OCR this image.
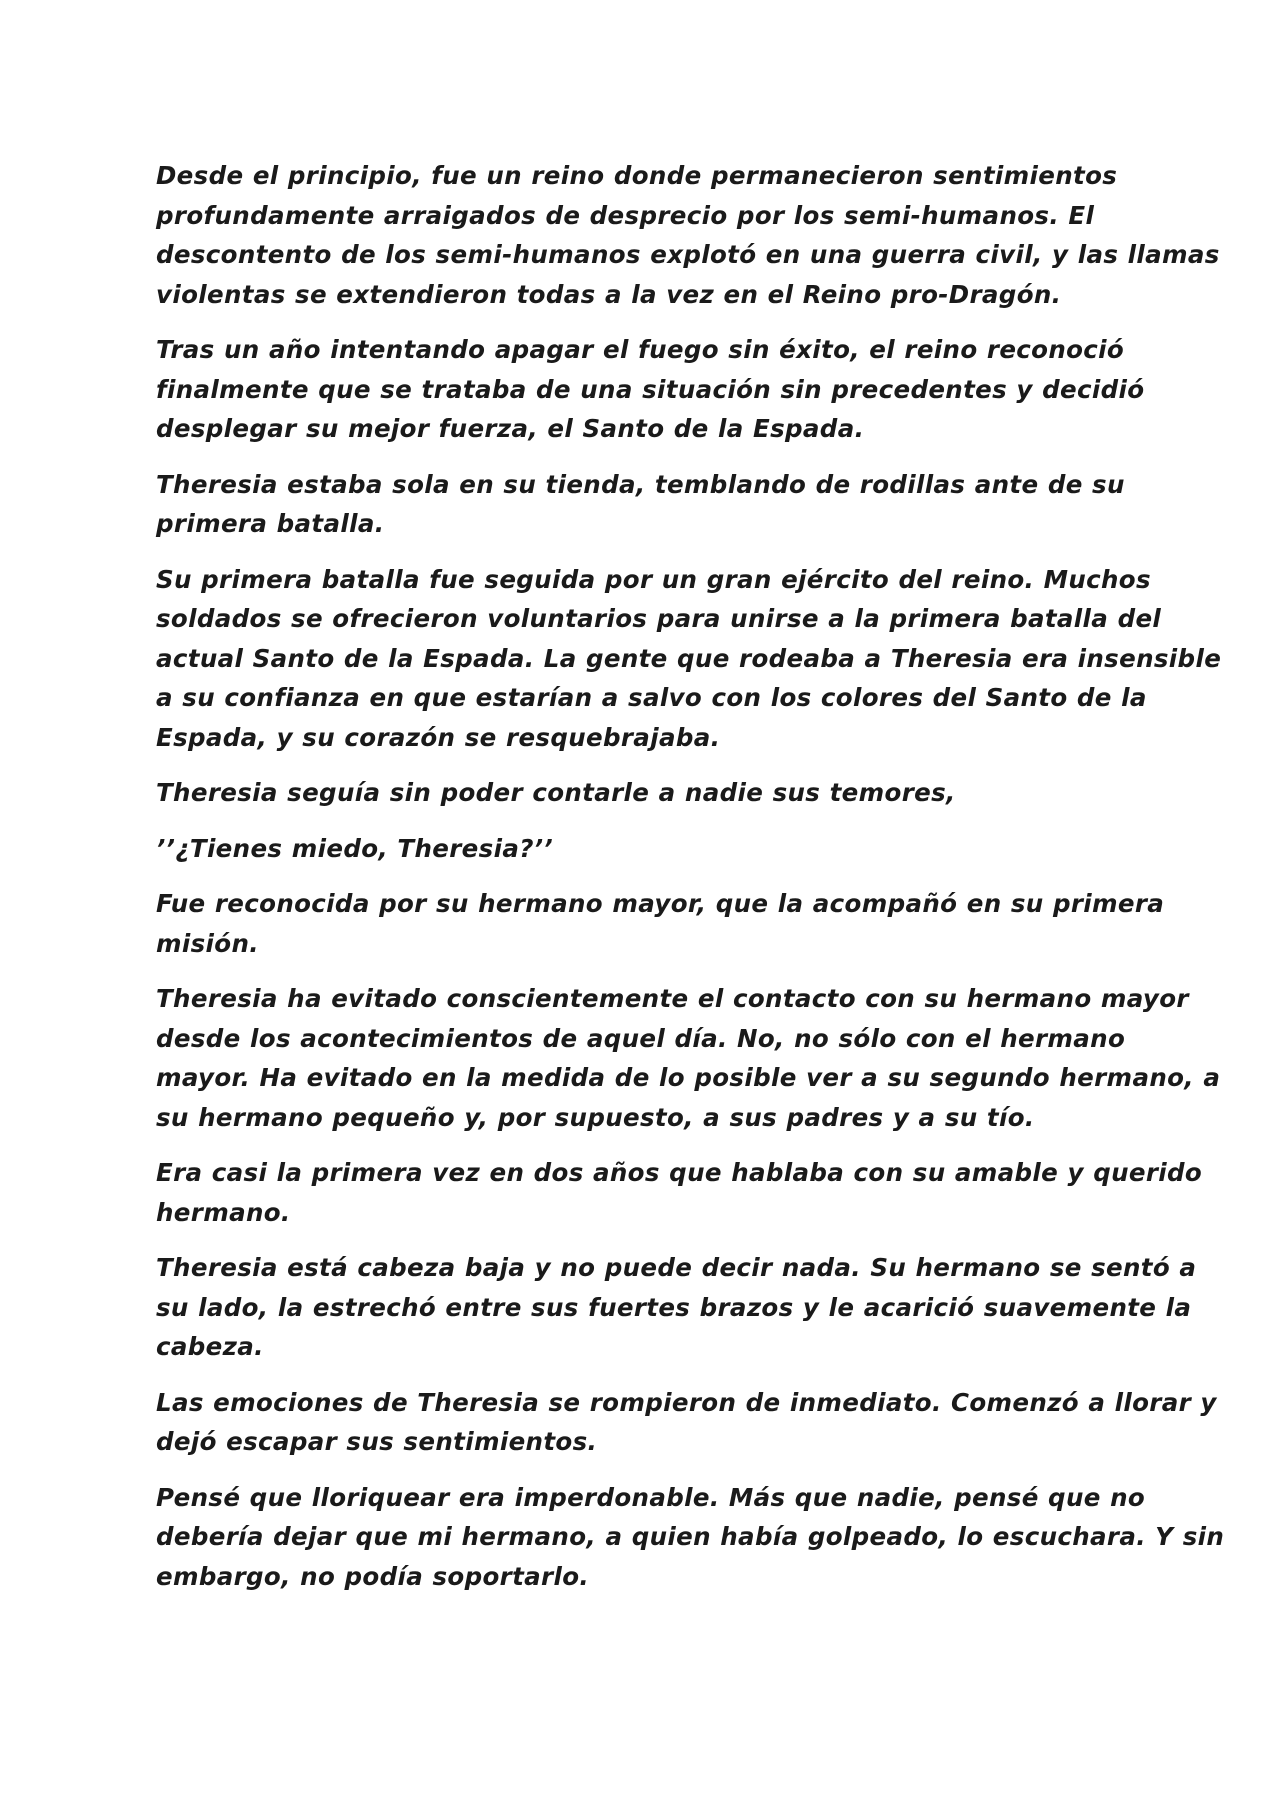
Desde el principio, fue un reino donde permanecieron sentimientos
profundamente arraigados de desprecio por los semi-humanos. El
descontento de los semi-humanos explotó en una guerra civil, y las llamas
violentas se extendieron todas a la vez en el Reino pro-Dragón.

Tras un año intentando apagar el fuego sin éxito, el reino reconoció
finalmente que se trataba de una situación sin precedentes y decidió
desplegar su mejor fuerza, el Santo de la Espada.

Theresia estaba sola en su tienda, temblando de rodillas ante de su
primera batalla.

Su primera batalla fue seguida por un gran ejército del reino. Muchos
soldados se ofrecieron voluntarios para unirse a la primera batalla del
actual Santo de la Espada. La gente que rodeaba a Theresia era insensible
a su confianza en que estarían a salvo con los colores del Santo de la
Espada, y su corazón se resquebrajaba.

Theresia seguía sin poder contarle a nadie sus temores,

’’¿Tienes miedo, Theresia?’’

Fue reconocida por su hermano mayor, que la acompañó en su primera
misión.

Theresia ha evitado conscientemente el contacto con su hermano mayor
desde los acontecimientos de aquel día. No, no sólo con el hermano
mayor. Ha evitado en la medida de lo posible ver a su segundo hermano, a
su hermano pequeño y, por supuesto, a sus padres y a su tío.

Era casi la primera vez en dos años que hablaba con su amable y querido
hermano.

Theresia está cabeza baja y no puede decir nada. Su hermano se sentó a
su lado, la estrechó entre sus fuertes brazos y le acarició suavemente la
cabeza.

Las emociones de Theresia se rompieron de inmediato. Comenzó a llorar y
dejó escapar sus sentimientos.

Pensé que lloriquear era imperdonable. Más que nadie, pensé que no
debería dejar que mi hermano, a quien había golpeado, lo escuchara. Y sin
embargo, no podía soportarlo.
